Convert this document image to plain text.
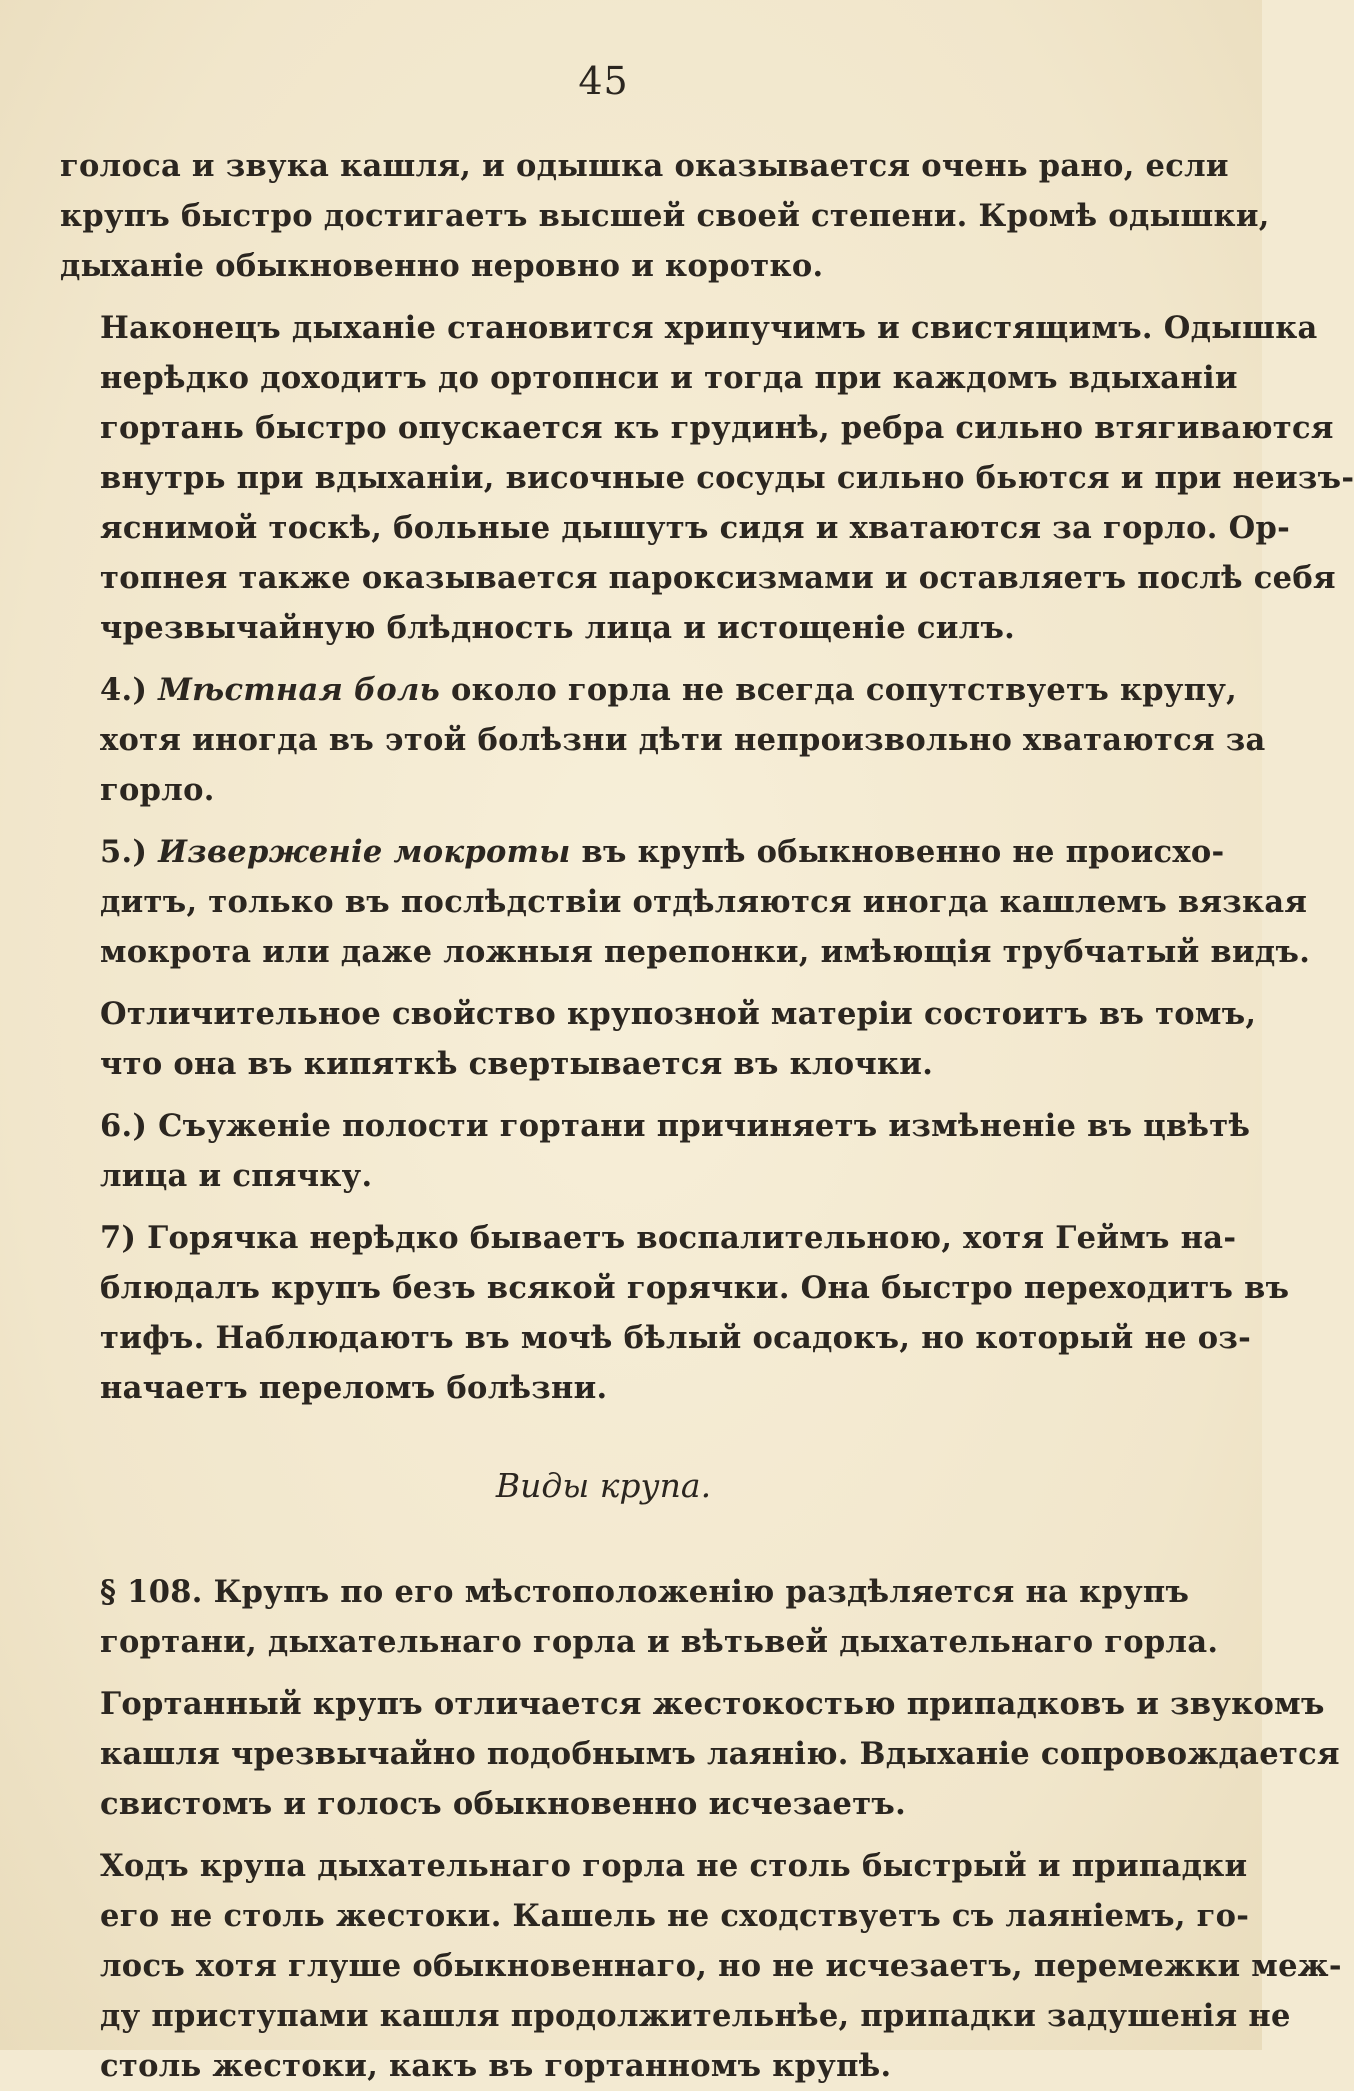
45
голоса и звука кашля, и одышка оказывается очень рано, если
крупъ быстро достигаетъ высшей своей степени. Кромѣ одышки,
дыханіе обыкновенно неровно и коротко.
Наконецъ дыханіе становится хрипучимъ и свистящимъ. Одышка
нерѣдко доходитъ до ортопнси и тогда при каждомъ вдыханіи
гортань быстро опускается къ грудинѣ, ребра сильно втягиваются
внутрь при вдыханіи, височные сосуды сильно бьются и при неизъ-
яснимой тоскѣ, больные дышутъ сидя и хватаются за горло. Ор-
топнея также оказывается пароксизмами и оставляетъ послѣ себя
чрезвычайную блѣдность лица и истощеніе силъ.
4.) Мѣстная боль около горла не всегда сопутствуетъ крупу,
хотя иногда въ этой болѣзни дѣти непроизвольно хватаются за
горло.
5.) Изверженіе мокроты въ крупѣ обыкновенно не происхо-
дитъ, только въ послѣдствіи отдѣляются иногда кашлемъ вязкая
мокрота или даже ложныя перепонки, имѣющія трубчатый видъ.
Отличительное свойство крупозной матеріи состоитъ въ томъ,
что она въ кипяткѣ свертывается въ клочки.
6.) Съуженіе полости гортани причиняетъ измѣненіе въ цвѣтѣ
лица и спячку.
7) Горячка нерѣдко бываетъ воспалительною, хотя Геймъ на-
блюдалъ крупъ безъ всякой горячки. Она быстро переходитъ въ
тифъ. Наблюдаютъ въ мочѣ бѣлый осадокъ, но который не оз-
начаетъ переломъ болѣзни.
Виды крупа.
§ 108. Крупъ по его мѣстоположенію раздѣляется на крупъ
гортани, дыхательнаго горла и вѣтьвей дыхательнаго горла.
Гортанный крупъ отличается жестокостью припадковъ и звукомъ
кашля чрезвычайно подобнымъ лаянію. Вдыханіе сопровождается
свистомъ и голосъ обыкновенно исчезаетъ.
Ходъ крупа дыхательнаго горла не столь быстрый и припадки
его не столь жестоки. Кашель не сходствуетъ съ лаяніемъ, го-
лосъ хотя глуше обыкновеннаго, но не исчезаетъ, перемежки меж-
ду приступами кашля продолжительнѣе, припадки задушенія не
столь жестоки, какъ въ гортанномъ крупѣ.
